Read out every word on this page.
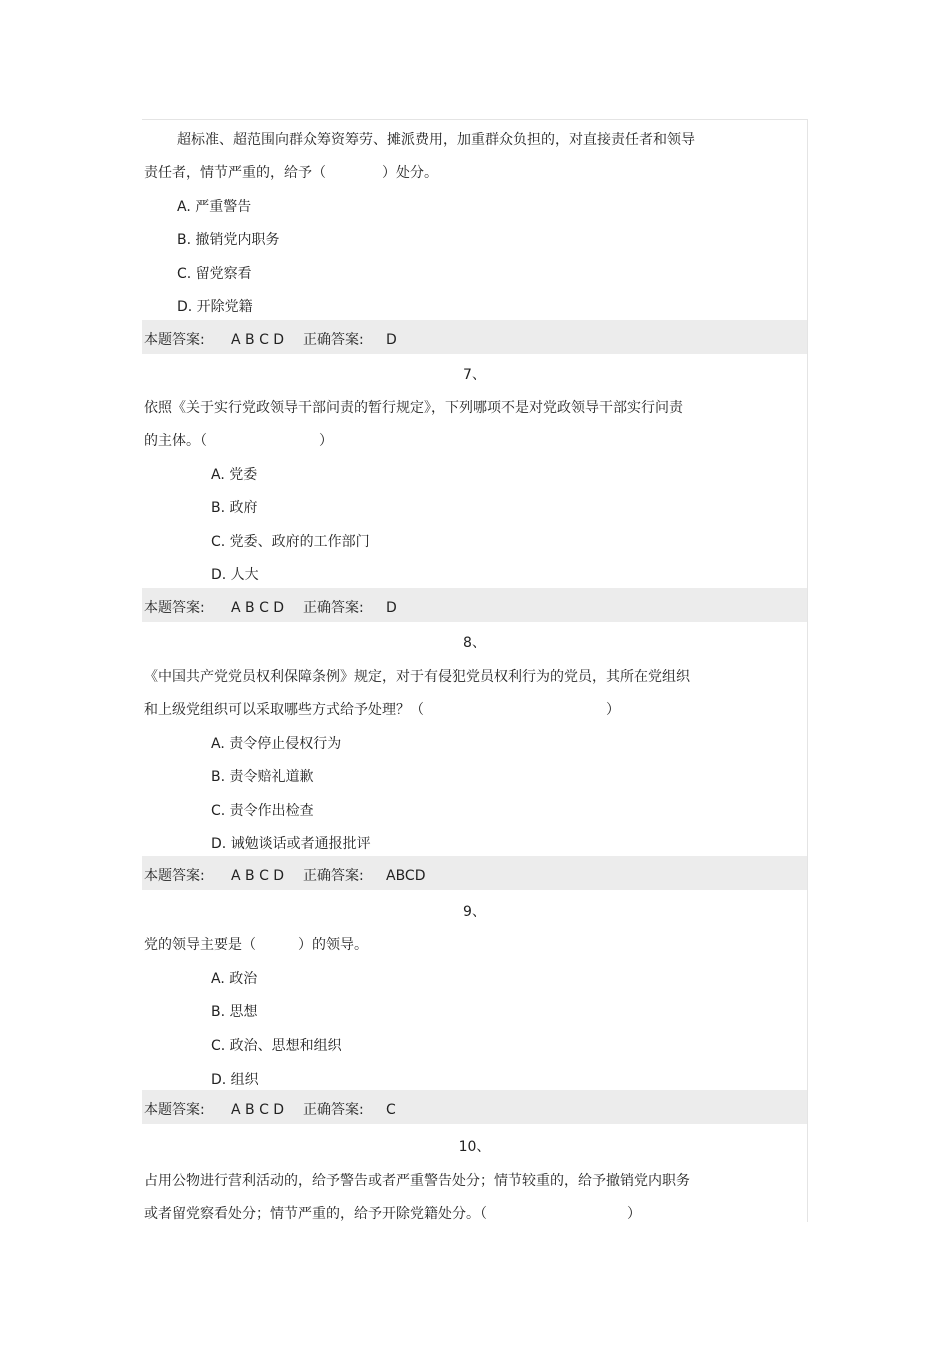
超标准、超范围向群众筹资筹劳、摊派费用，加重群众负担的，对直接责任者和领导
责任者，情节严重的，给予（　　　　）处分。
A. 严重警告
B. 撤销党内职务
C. 留党察看
D. 开除党籍
本题答案: A B C D 正确答案: D
7、
依照《关于实行党政领导干部问责的暂行规定》，下列哪项不是对党政领导干部实行问责
的主体。（　　　　　　　　）
A. 党委
B. 政府
C. 党委、政府的工作部门
D. 人大
本题答案: A B C D 正确答案: D
8、
《中国共产党党员权利保障条例》规定，对于有侵犯党员权利行为的党员，其所在党组织
和上级党组织可以采取哪些方式给予处理？（　　　　　　　　　　　　　）
A. 责令停止侵权行为
B. 责令赔礼道歉
C. 责令作出检查
D. 诫勉谈话或者通报批评
本题答案: A B C D 正确答案: ABCD
9、
党的领导主要是（　　　）的领导。
A. 政治
B. 思想
C. 政治、思想和组织
D. 组织
本题答案: A B C D 正确答案: C
10、
占用公物进行营利活动的，给予警告或者严重警告处分；情节较重的，给予撤销党内职务
或者留党察看处分；情节严重的，给予开除党籍处分。（　　　　　　　　　　）
